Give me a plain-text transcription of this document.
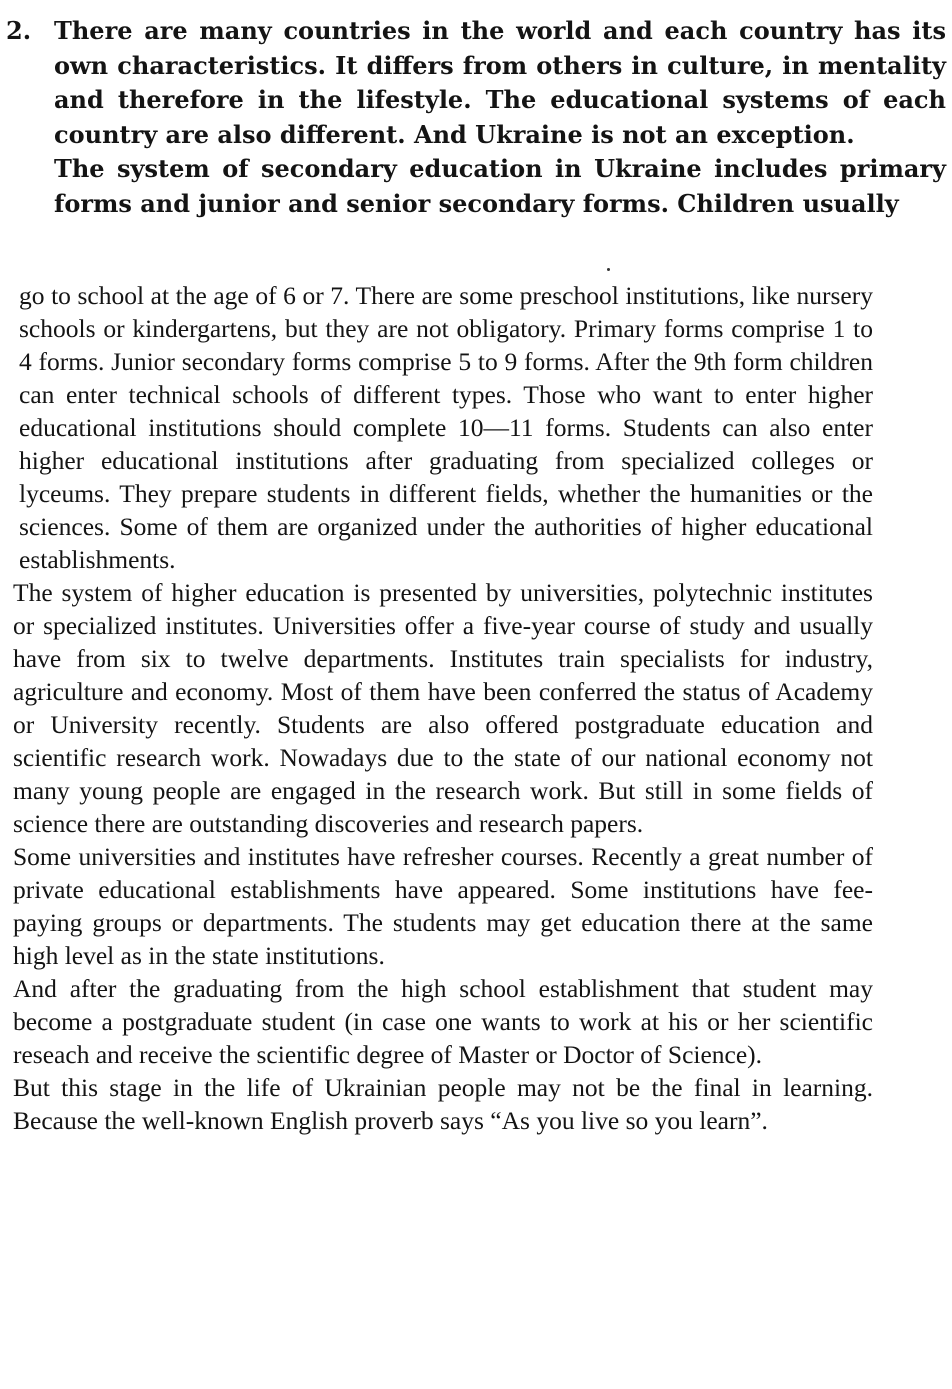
2. There are many countries in the world and each country has its own characteristics. It differs from others in culture, in mentality and therefore in the lifestyle. The educational systems of each country are also different. And Ukraine is not an exception.

The system of secondary education in Ukraine includes primary forms and junior and senior secondary forms. Children usually

go to school at the age of 6 or 7. There are some preschool institutions, like nursery schools or kindergartens, but they are not obligatory. Primary forms comprise 1 to 4 forms. Junior secondary forms comprise 5 to 9 forms. After the 9th form children can enter technical schools of different types. Those who want to enter higher educational institutions should complete 10—11 forms. Students can also enter higher educational institutions after graduating from specialized colleges or lyceums. They prepare students in different fields, whether the humanities or the sciences. Some of them are organized under the authorities of higher educational establishments.

The system of higher education is presented by universities, polytechnic institutes or specialized institutes. Universities offer a five-year course of study and usually have from six to twelve departments. Institutes train specialists for industry, agriculture and economy. Most of them have been conferred the status of Academy or University recently. Students are also offered postgraduate education and scientific research work. Nowadays due to the state of our national economy not many young people are engaged in the research work. But still in some fields of science there are outstanding discoveries and research papers.

Some universities and institutes have refresher courses. Recently a great number of private educational establishments have appeared. Some institutions have fee-paying groups or departments. The students may get education there at the same high level as in the state institutions.

And after the graduating from the high school establishment that student may become a postgraduate student (in case one wants to work at his or her scientific reseach and receive the scientific degree of Master or Doctor of Science).

But this stage in the life of Ukrainian people may not be the final in learning. Because the well-known English proverb says “As you live so you learn”.
